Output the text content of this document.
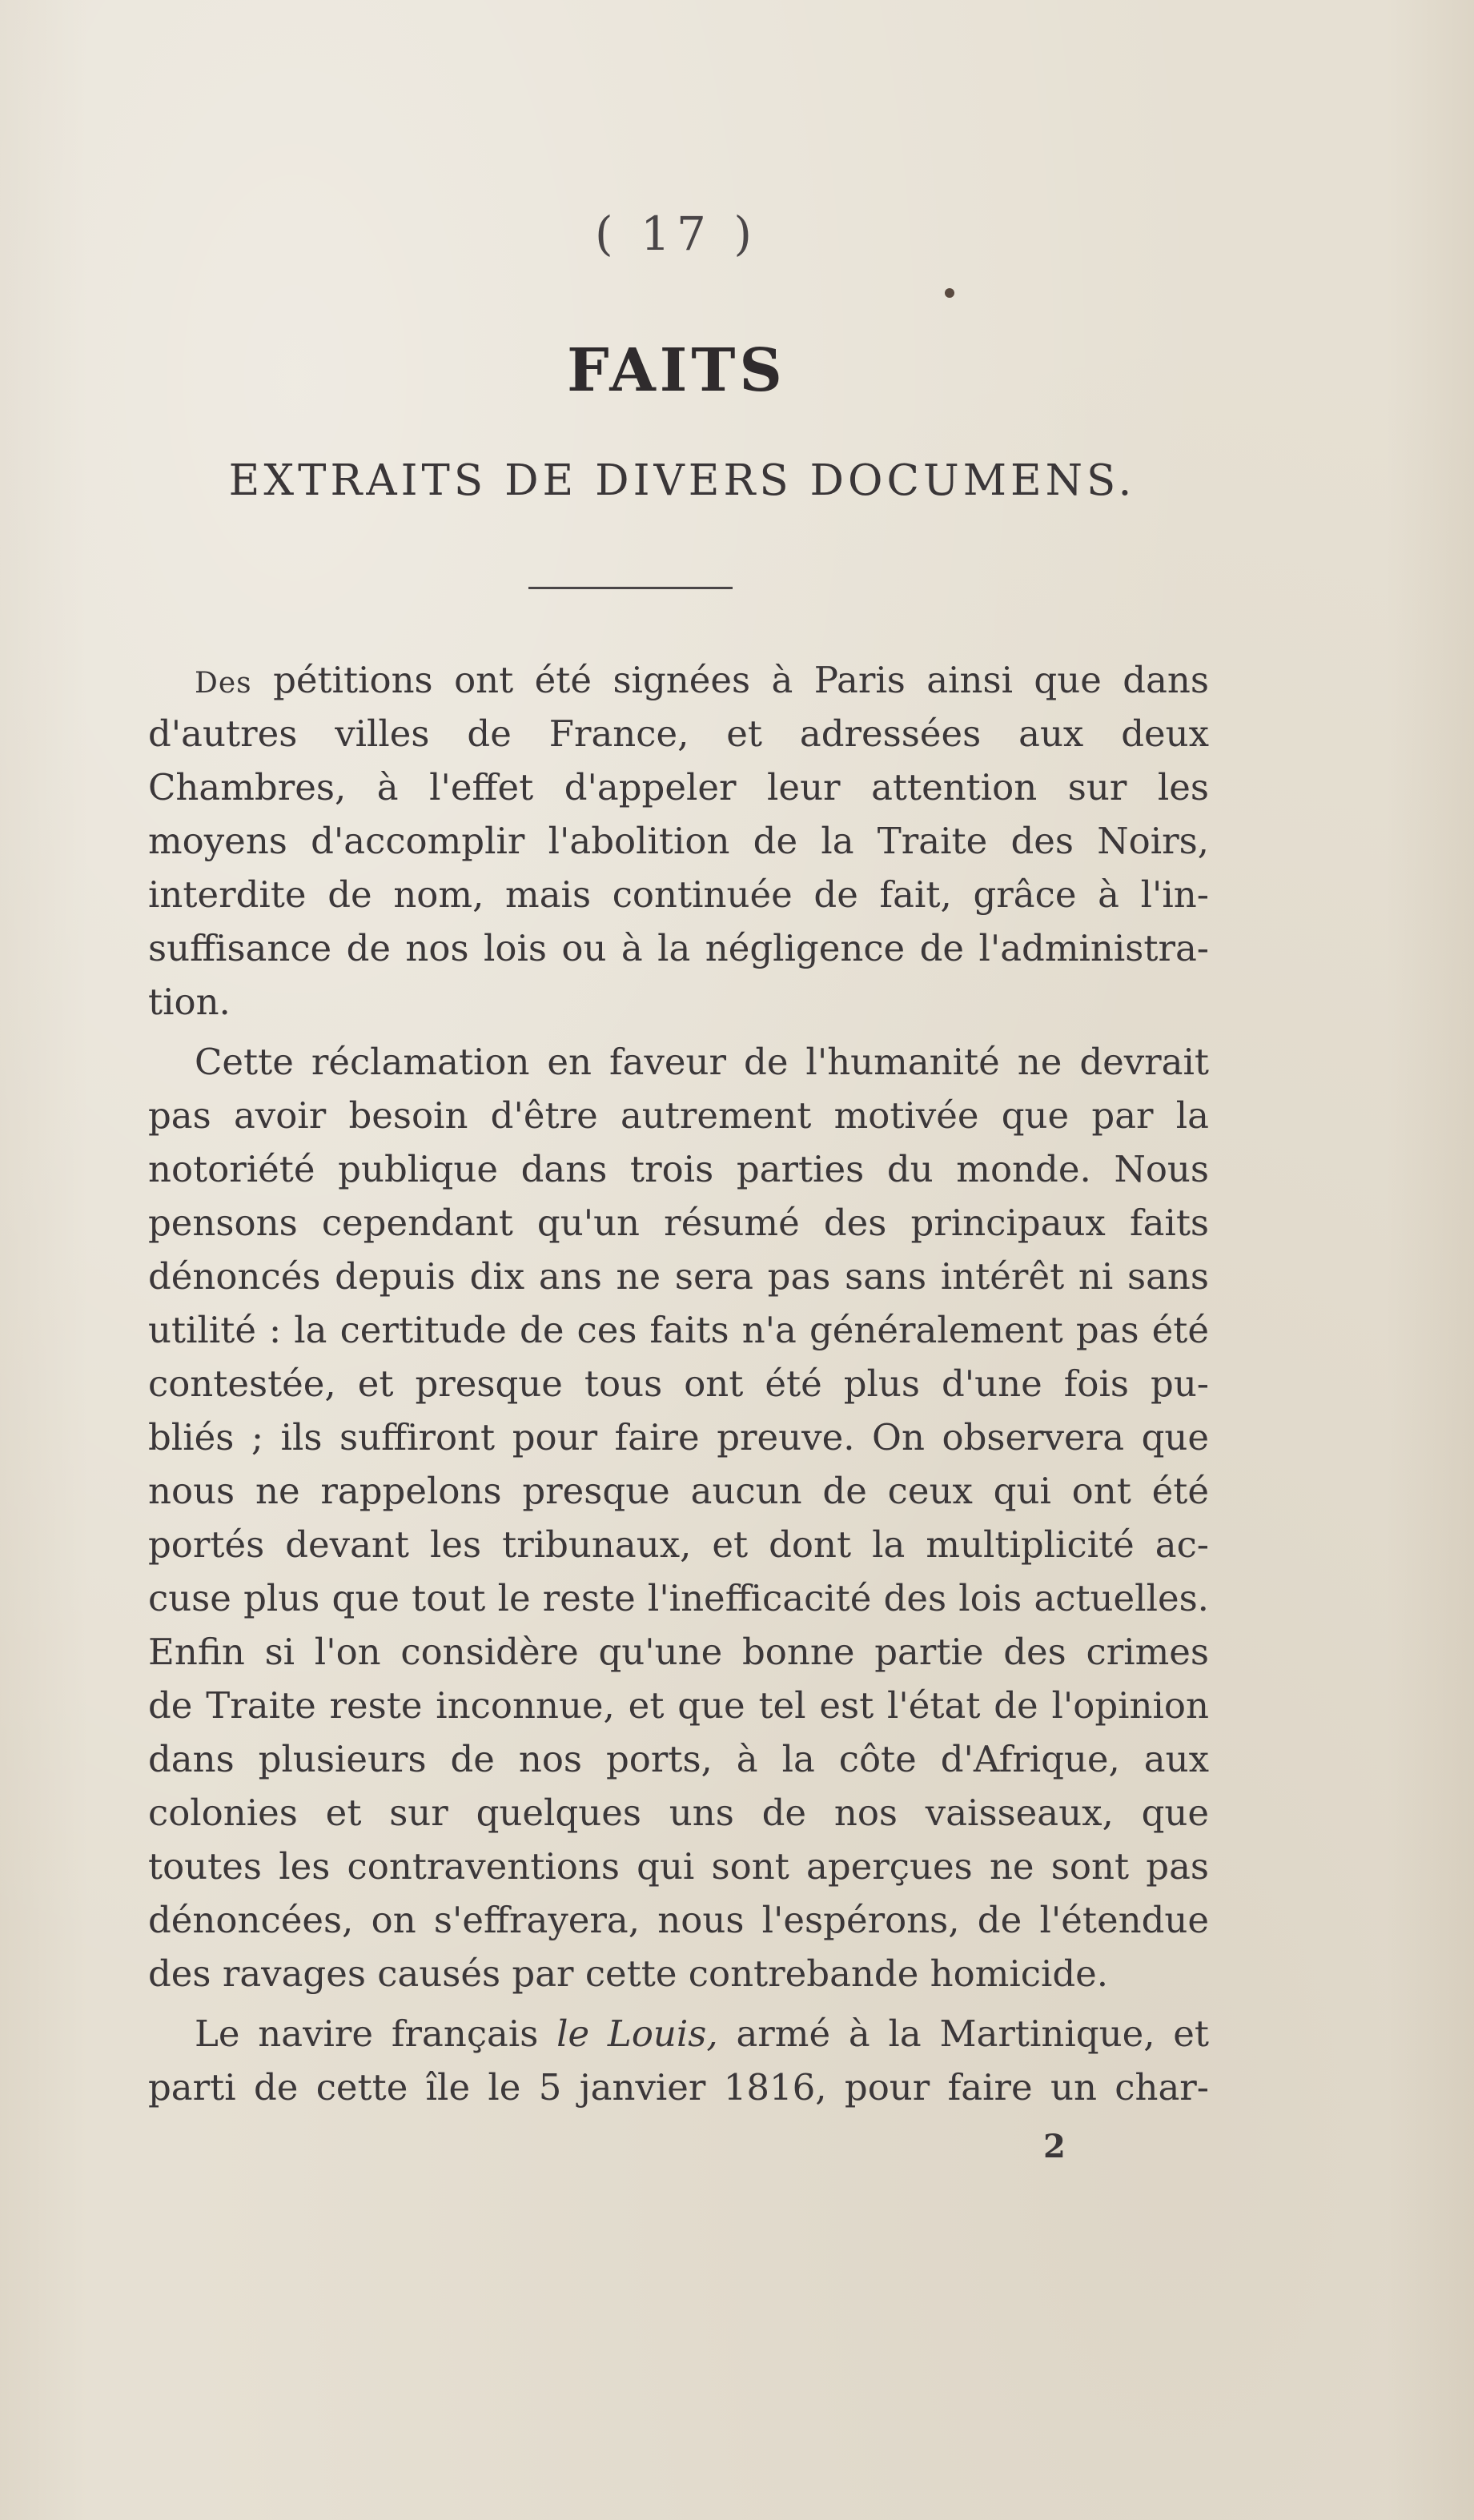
( 17 )
FAITS
EXTRAITS DE DIVERS DOCUMENS.
Des pétitions ont été signées à Paris ainsi que dans
d'autres villes de France, et adressées aux deux
Chambres, à l'effet d'appeler leur attention sur les
moyens d'accomplir l'abolition de la Traite des Noirs,
interdite de nom, mais continuée de fait, grâce à l'in-
suffisance de nos lois ou à la négligence de l'administra-
tion.
Cette réclamation en faveur de l'humanité ne devrait
pas avoir besoin d'être autrement motivée que par la
notoriété publique dans trois parties du monde. Nous
pensons cependant qu'un résumé des principaux faits
dénoncés depuis dix ans ne sera pas sans intérêt ni sans
utilité : la certitude de ces faits n'a généralement pas été
contestée, et presque tous ont été plus d'une fois pu-
bliés ; ils suffiront pour faire preuve. On observera que
nous ne rappelons presque aucun de ceux qui ont été
portés devant les tribunaux, et dont la multiplicité ac-
cuse plus que tout le reste l'inefficacité des lois actuelles.
Enfin si l'on considère qu'une bonne partie des crimes
de Traite reste inconnue, et que tel est l'état de l'opinion
dans plusieurs de nos ports, à la côte d'Afrique, aux
colonies et sur quelques uns de nos vaisseaux, que
toutes les contraventions qui sont aperçues ne sont pas
dénoncées, on s'effrayera, nous l'espérons, de l'étendue
des ravages causés par cette contrebande homicide.
Le navire français le Louis, armé à la Martinique, et
parti de cette île le 5 janvier 1816, pour faire un char-
2
